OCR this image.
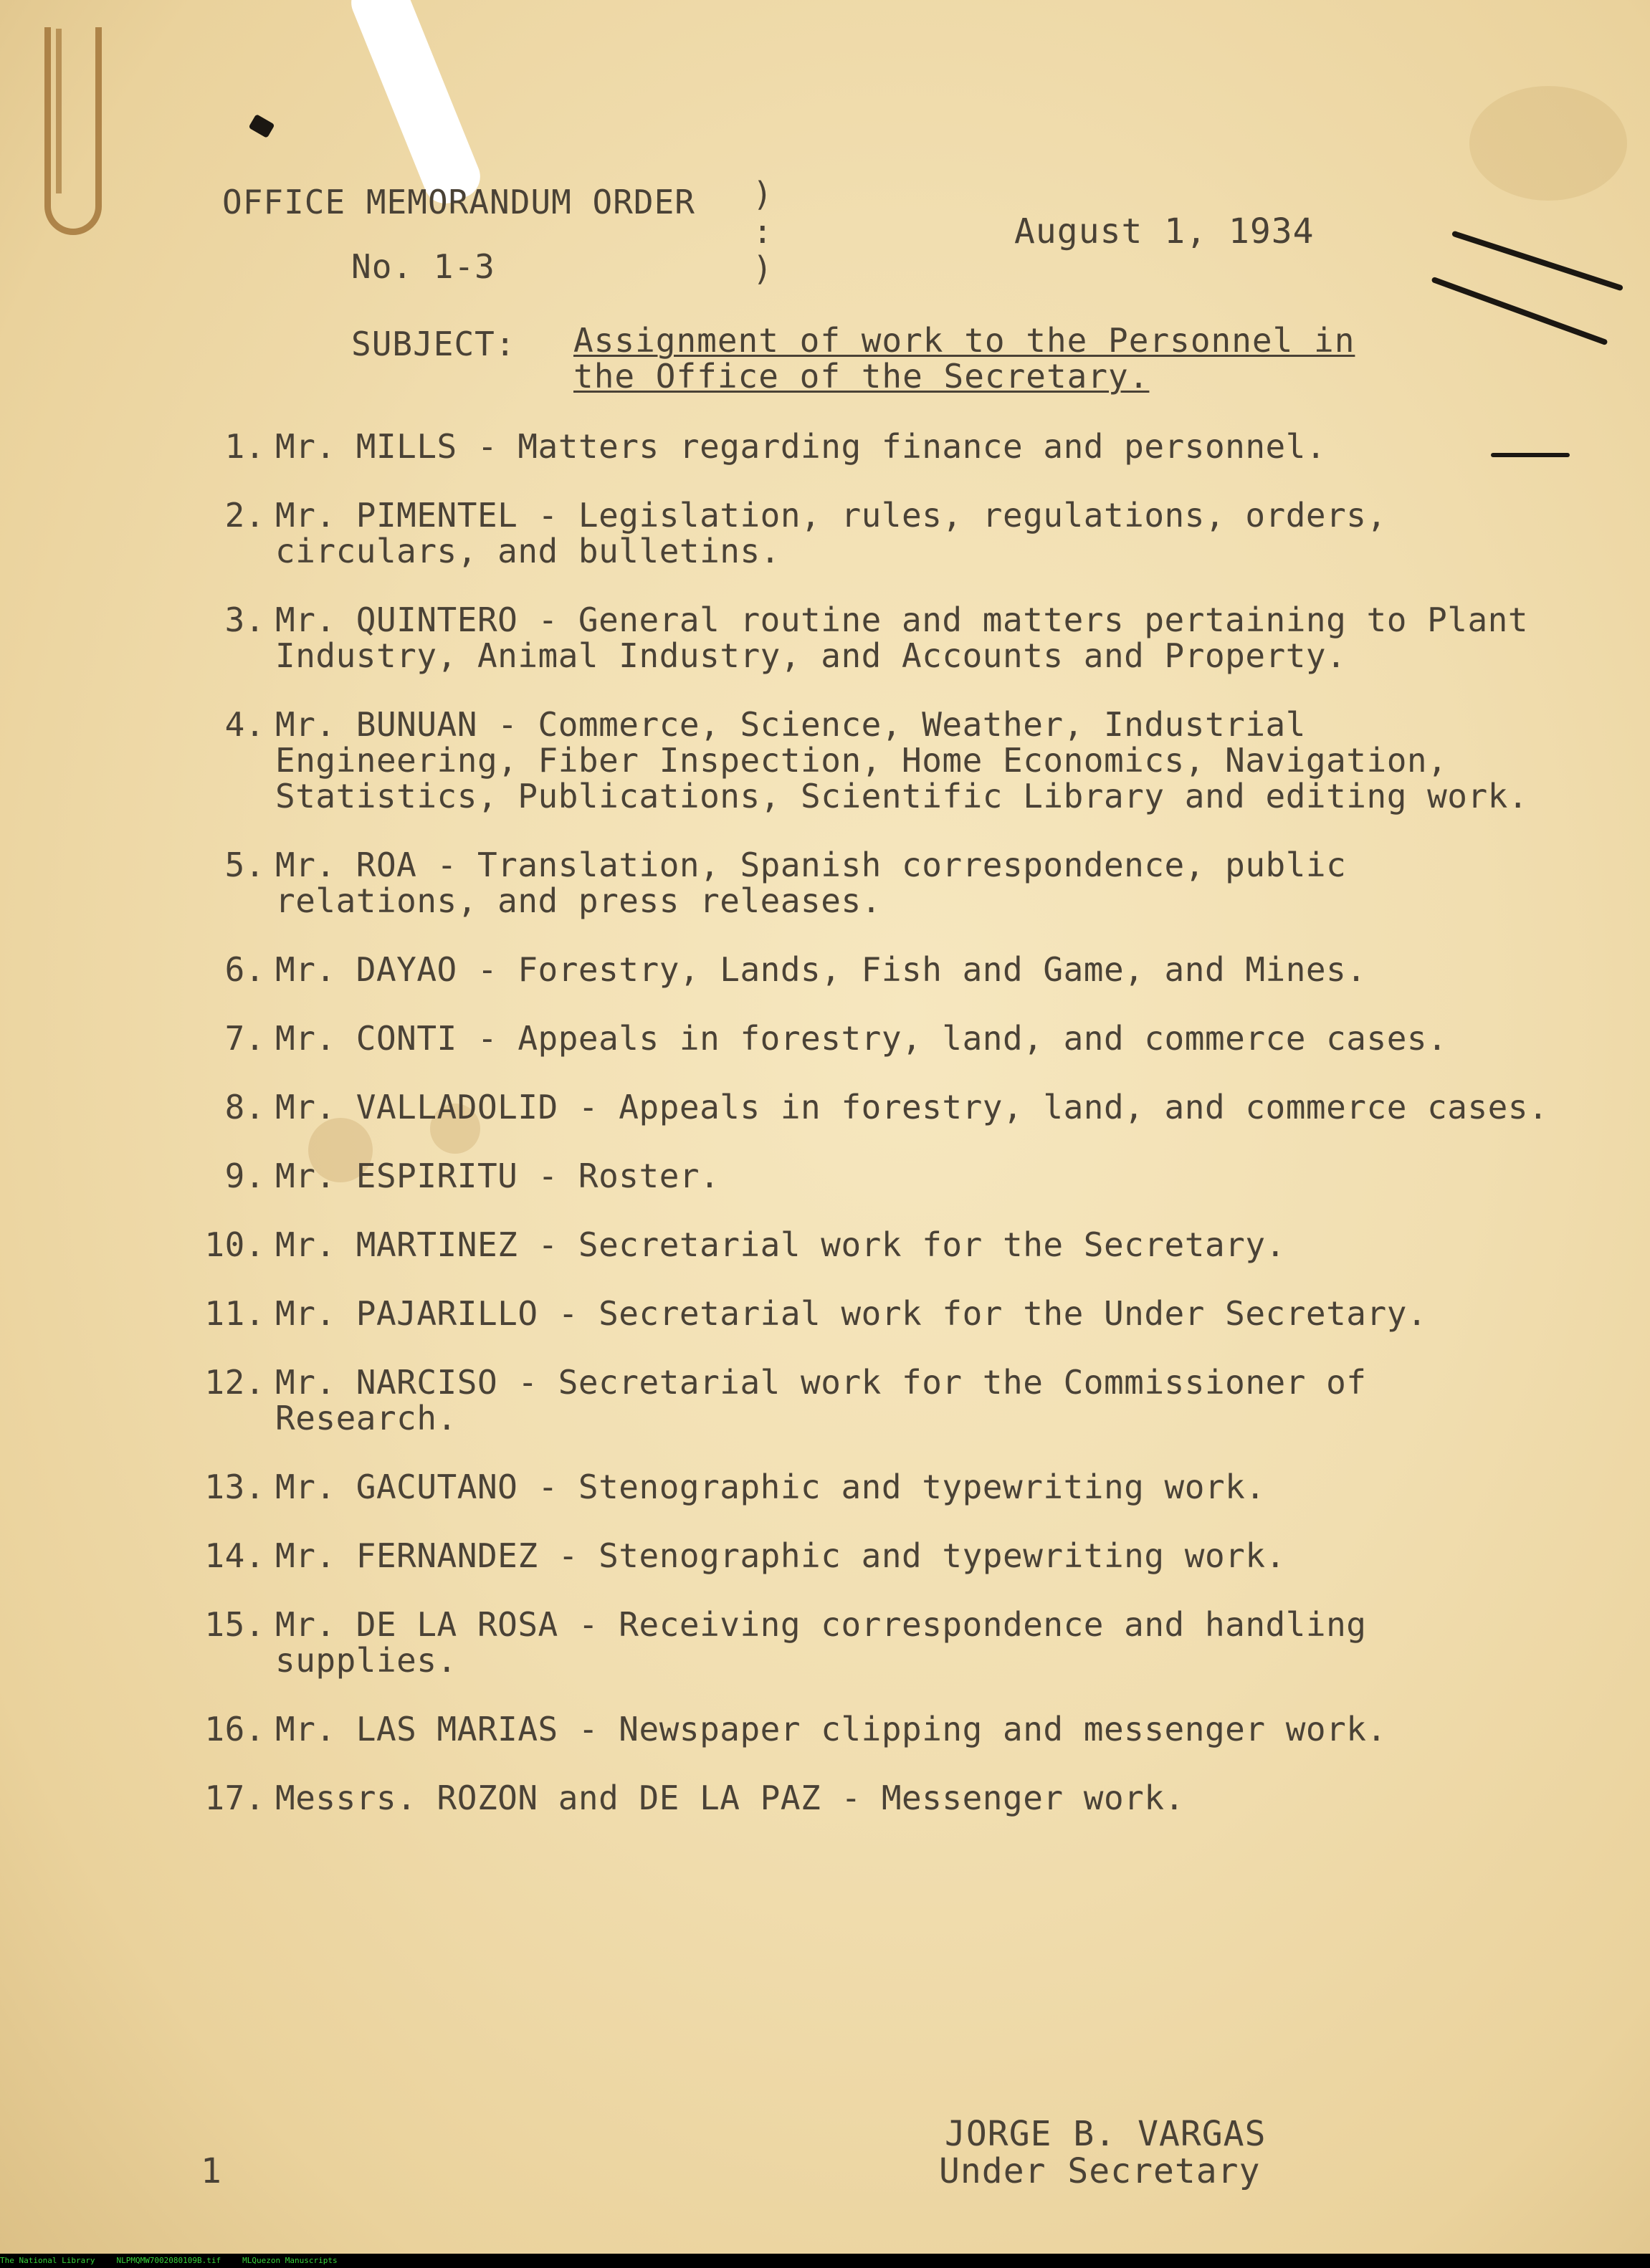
OFFICE MEMORANDUM ORDER
No. 1-3
)
:
)
August 1, 1934
SUBJECT: Assignment of work to the Personnel in the Office of the Secretary.
1. Mr. MILLS - Matters regarding finance and personnel.
2. Mr. PIMENTEL - Legislation, rules, regulations, orders, circulars, and bulletins.
3. Mr. QUINTERO - General routine and matters pertaining to Plant Industry, Animal Industry, and Accounts and Property.
4. Mr. BUNUAN - Commerce, Science, Weather, Industrial Engineering, Fiber Inspection, Home Economics, Navigation, Statistics, Publications, Scientific Library and editing work.
5. Mr. ROA - Translation, Spanish correspondence, public relations, and press releases.
6. Mr. DAYAO - Forestry, Lands, Fish and Game, and Mines.
7. Mr. CONTI - Appeals in forestry, land, and commerce cases.
8. Mr. VALLADOLID - Appeals in forestry, land, and commerce cases.
9. Mr. ESPIRITU - Roster.
10. Mr. MARTINEZ - Secretarial work for the Secretary.
11. Mr. PAJARILLO - Secretarial work for the Under Secretary.
12. Mr. NARCISO - Secretarial work for the Commissioner of Research.
13. Mr. GACUTANO - Stenographic and typewriting work.
14. Mr. FERNANDEZ - Stenographic and typewriting work.
15. Mr. DE LA ROSA - Receiving correspondence and handling supplies.
16. Mr. LAS MARIAS - Newspaper clipping and messenger work.
17. Messrs. ROZON and DE LA PAZ - Messenger work.
1
JORGE B. VARGAS
Under Secretary
The National Library	NLPMQMW7002080109B.tif	MLQuezon Manuscripts
